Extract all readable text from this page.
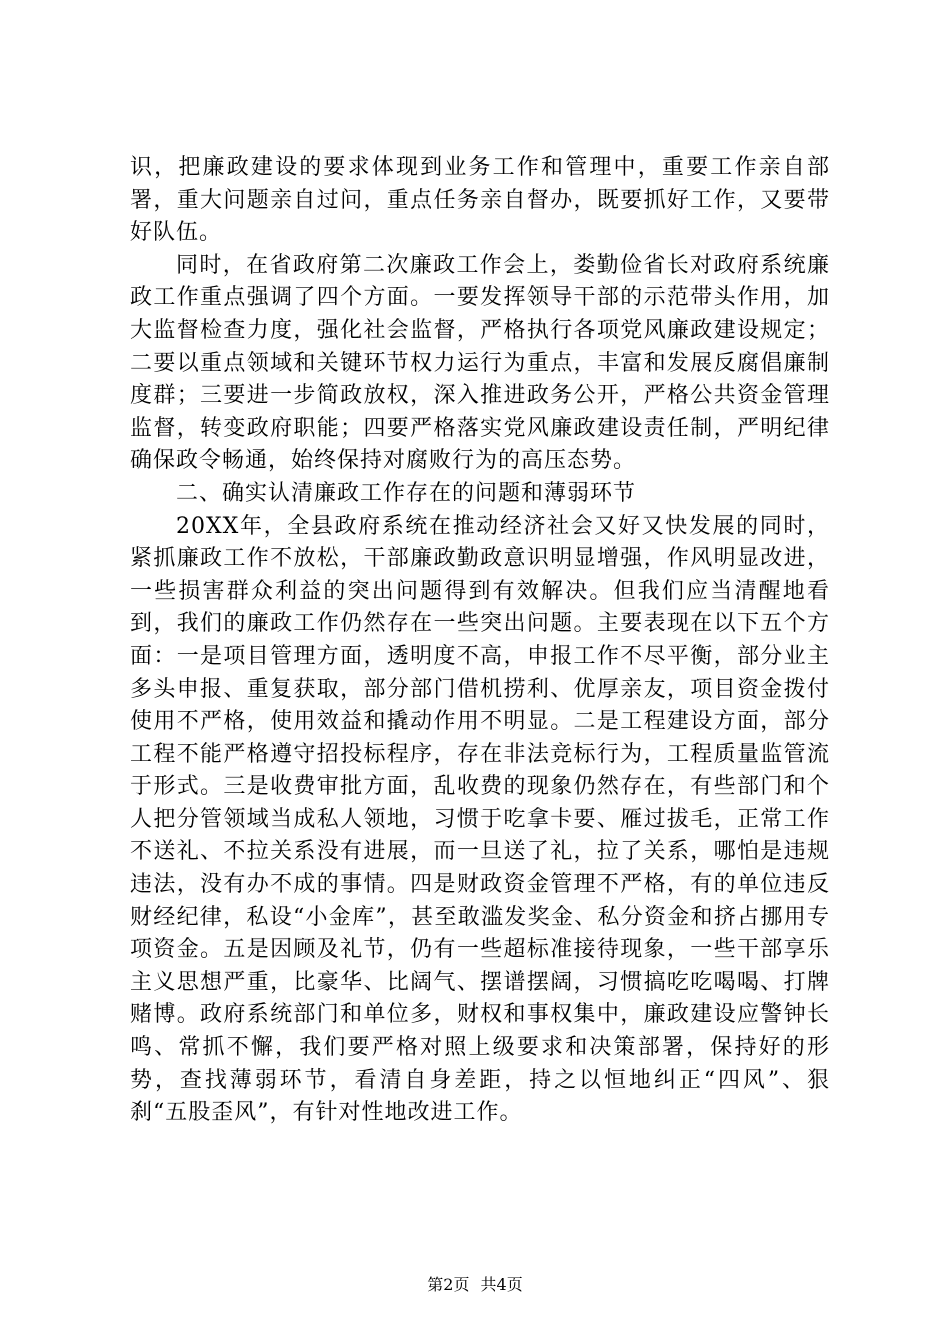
识，把廉政建设的要求体现到业务工作和管理中，重要工作亲自部署，重大问题亲自过问，重点任务亲自督办，既要抓好工作，又要带好队伍。

同时，在省政府第二次廉政工作会上，娄勤俭省长对政府系统廉政工作重点强调了四个方面。一要发挥领导干部的示范带头作用，加大监督检查力度，强化社会监督，严格执行各项党风廉政建设规定；二要以重点领域和关键环节权力运行为重点，丰富和发展反腐倡廉制度群；三要进一步简政放权，深入推进政务公开，严格公共资金管理监督，转变政府职能；四要严格落实党风廉政建设责任制，严明纪律确保政令畅通，始终保持对腐败行为的高压态势。

二、确实认清廉政工作存在的问题和薄弱环节

20XX年，全县政府系统在推动经济社会又好又快发展的同时，紧抓廉政工作不放松，干部廉政勤政意识明显增强，作风明显改进，一些损害群众利益的突出问题得到有效解决。但我们应当清醒地看到，我们的廉政工作仍然存在一些突出问题。主要表现在以下五个方面：一是项目管理方面，透明度不高，申报工作不尽平衡，部分业主多头申报、重复获取，部分部门借机捞利、优厚亲友，项目资金拨付使用不严格，使用效益和撬动作用不明显。二是工程建设方面，部分工程不能严格遵守招投标程序，存在非法竞标行为，工程质量监管流于形式。三是收费审批方面，乱收费的现象仍然存在，有些部门和个人把分管领域当成私人领地，习惯于吃拿卡要、雁过拔毛，正常工作不送礼、不拉关系没有进展，而一旦送了礼，拉了关系，哪怕是违规违法，没有办不成的事情。四是财政资金管理不严格，有的单位违反财经纪律，私设“小金库”，甚至敢滥发奖金、私分资金和挤占挪用专项资金。五是因顾及礼节，仍有一些超标准接待现象，一些干部享乐主义思想严重，比豪华、比阔气、摆谱摆阔，习惯搞吃吃喝喝、打牌赌博。政府系统部门和单位多，财权和事权集中，廉政建设应警钟长鸣、常抓不懈，我们要严格对照上级要求和决策部署，保持好的形势，查找薄弱环节，看清自身差距，持之以恒地纠正“四风”、狠刹“五股歪风”，有针对性地改进工作。

第2页 共4页
